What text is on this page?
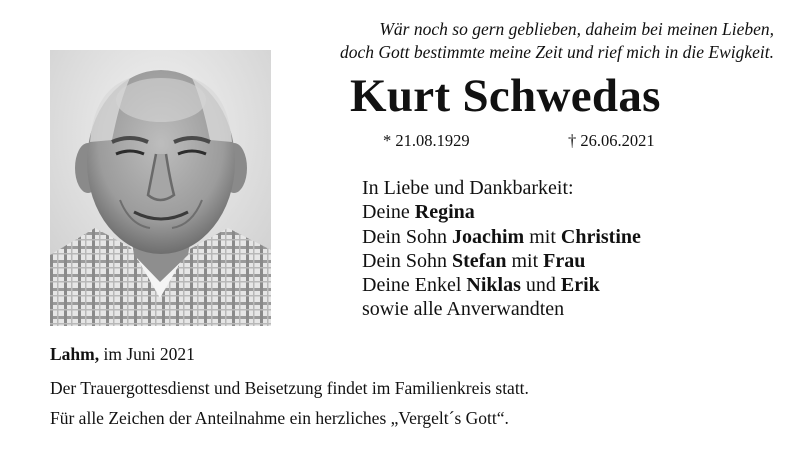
Wär noch so gern geblieben, daheim bei meinen Lieben,
doch Gott bestimmte meine Zeit und rief mich in die Ewigkeit.
Kurt Schwedas
* 21.08.1929	† 26.06.2021
In Liebe und Dankbarkeit:
Deine Regina
Dein Sohn Joachim mit Christine
Dein Sohn Stefan mit Frau
Deine Enkel Niklas und Erik
sowie alle Anverwandten
Lahm, im Juni 2021
Der Trauergottesdienst und Beisetzung findet im Familienkreis statt.
Für alle Zeichen der Anteilnahme ein herzliches „Vergelt´s Gott“.
